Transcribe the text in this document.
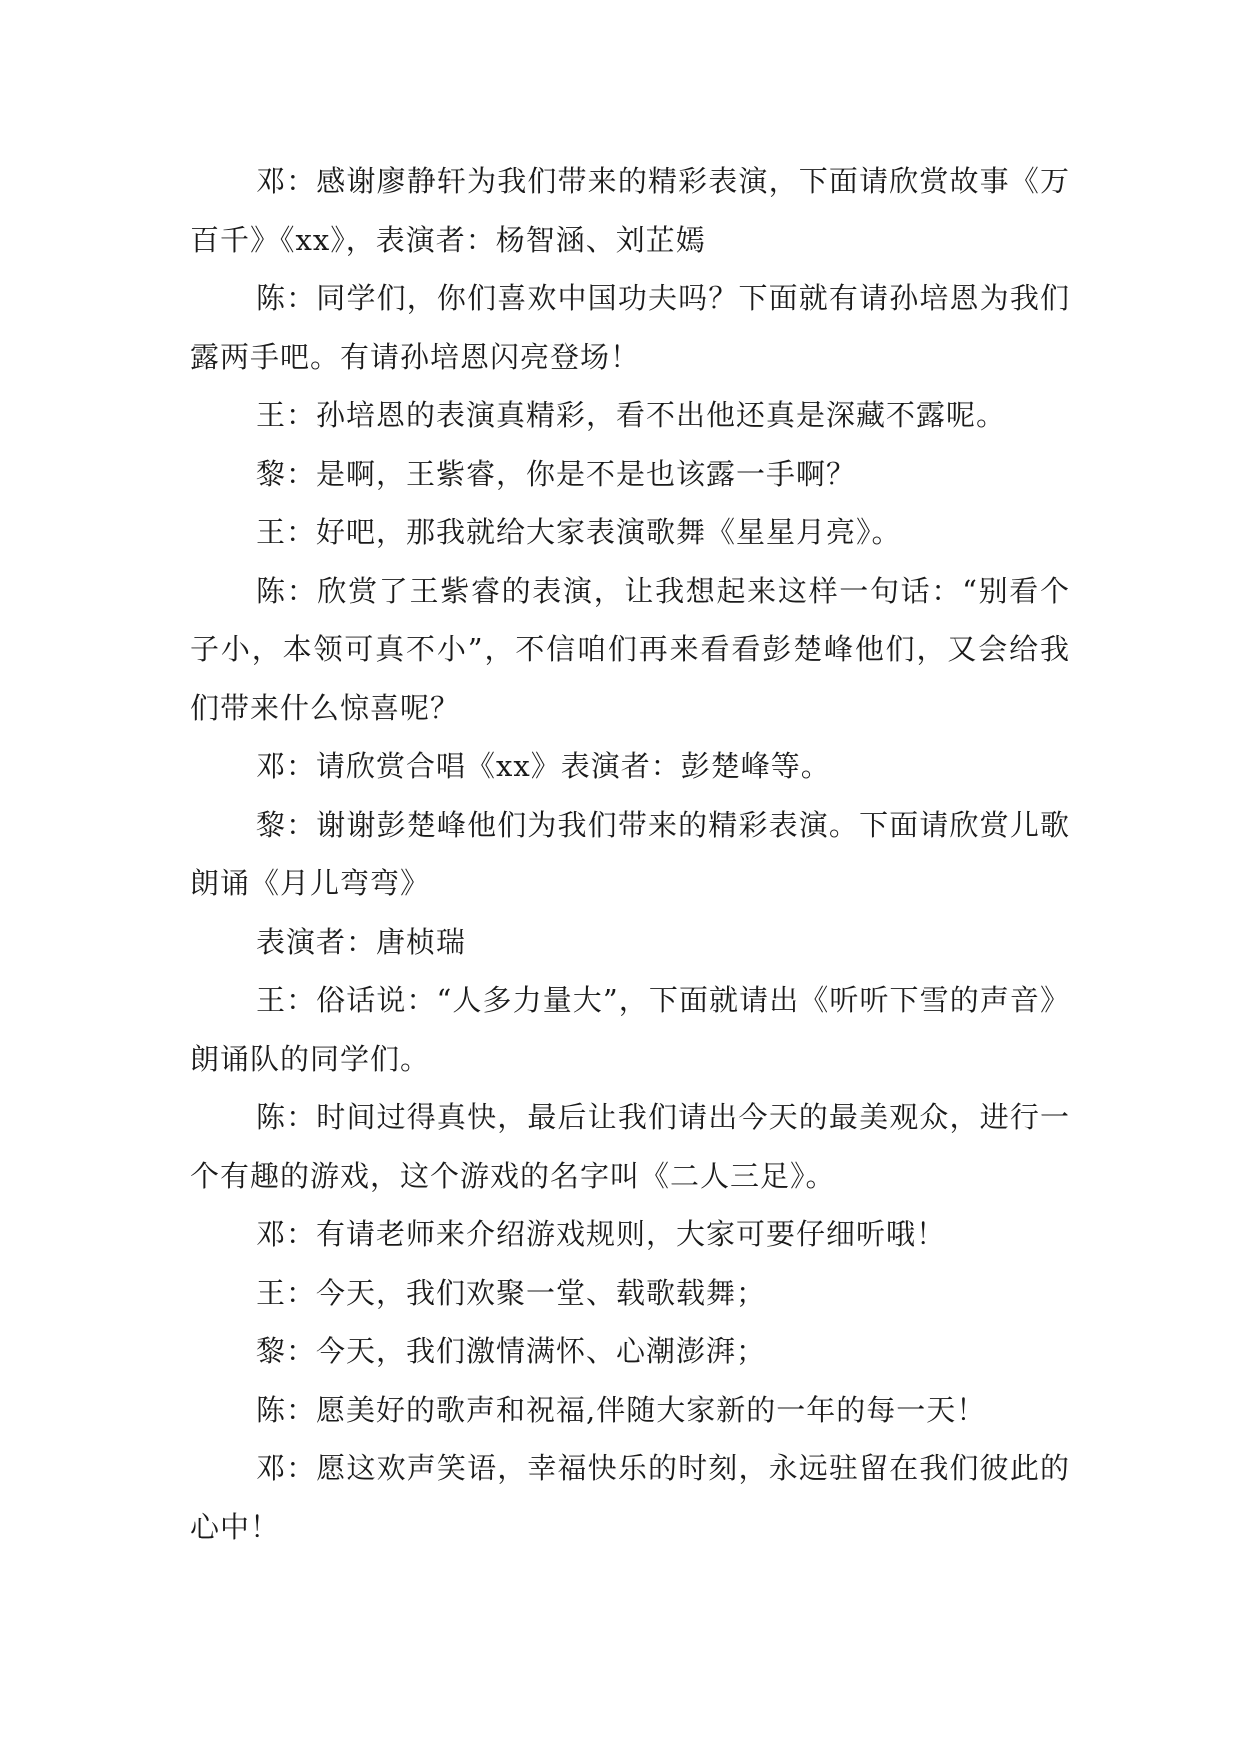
邓：感谢廖静轩为我们带来的精彩表演，下面请欣赏故事《万百千》《xx》，表演者：杨智涵、刘芷嫣

陈：同学们，你们喜欢中国功夫吗？下面就有请孙培恩为我们露两手吧。有请孙培恩闪亮登场！

王：孙培恩的表演真精彩，看不出他还真是深藏不露呢。

黎：是啊，王紫睿，你是不是也该露一手啊？

王：好吧，那我就给大家表演歌舞《星星月亮》。

陈：欣赏了王紫睿的表演，让我想起来这样一句话：“别看个子小，本领可真不小”，不信咱们再来看看彭楚峰他们，又会给我们带来什么惊喜呢？

邓：请欣赏合唱《xx》表演者：彭楚峰等。

黎：谢谢彭楚峰他们为我们带来的精彩表演。下面请欣赏儿歌朗诵《月儿弯弯》

表演者：唐桢瑞

王：俗话说：“人多力量大”，下面就请出《听听下雪的声音》朗诵队的同学们。

陈：时间过得真快，最后让我们请出今天的最美观众，进行一个有趣的游戏，这个游戏的名字叫《二人三足》。

邓：有请老师来介绍游戏规则，大家可要仔细听哦！

王：今天，我们欢聚一堂、载歌载舞；

黎：今天，我们激情满怀、心潮澎湃；

陈：愿美好的歌声和祝福,伴随大家新的一年的每一天！

邓：愿这欢声笑语，幸福快乐的时刻，永远驻留在我们彼此的心中！
